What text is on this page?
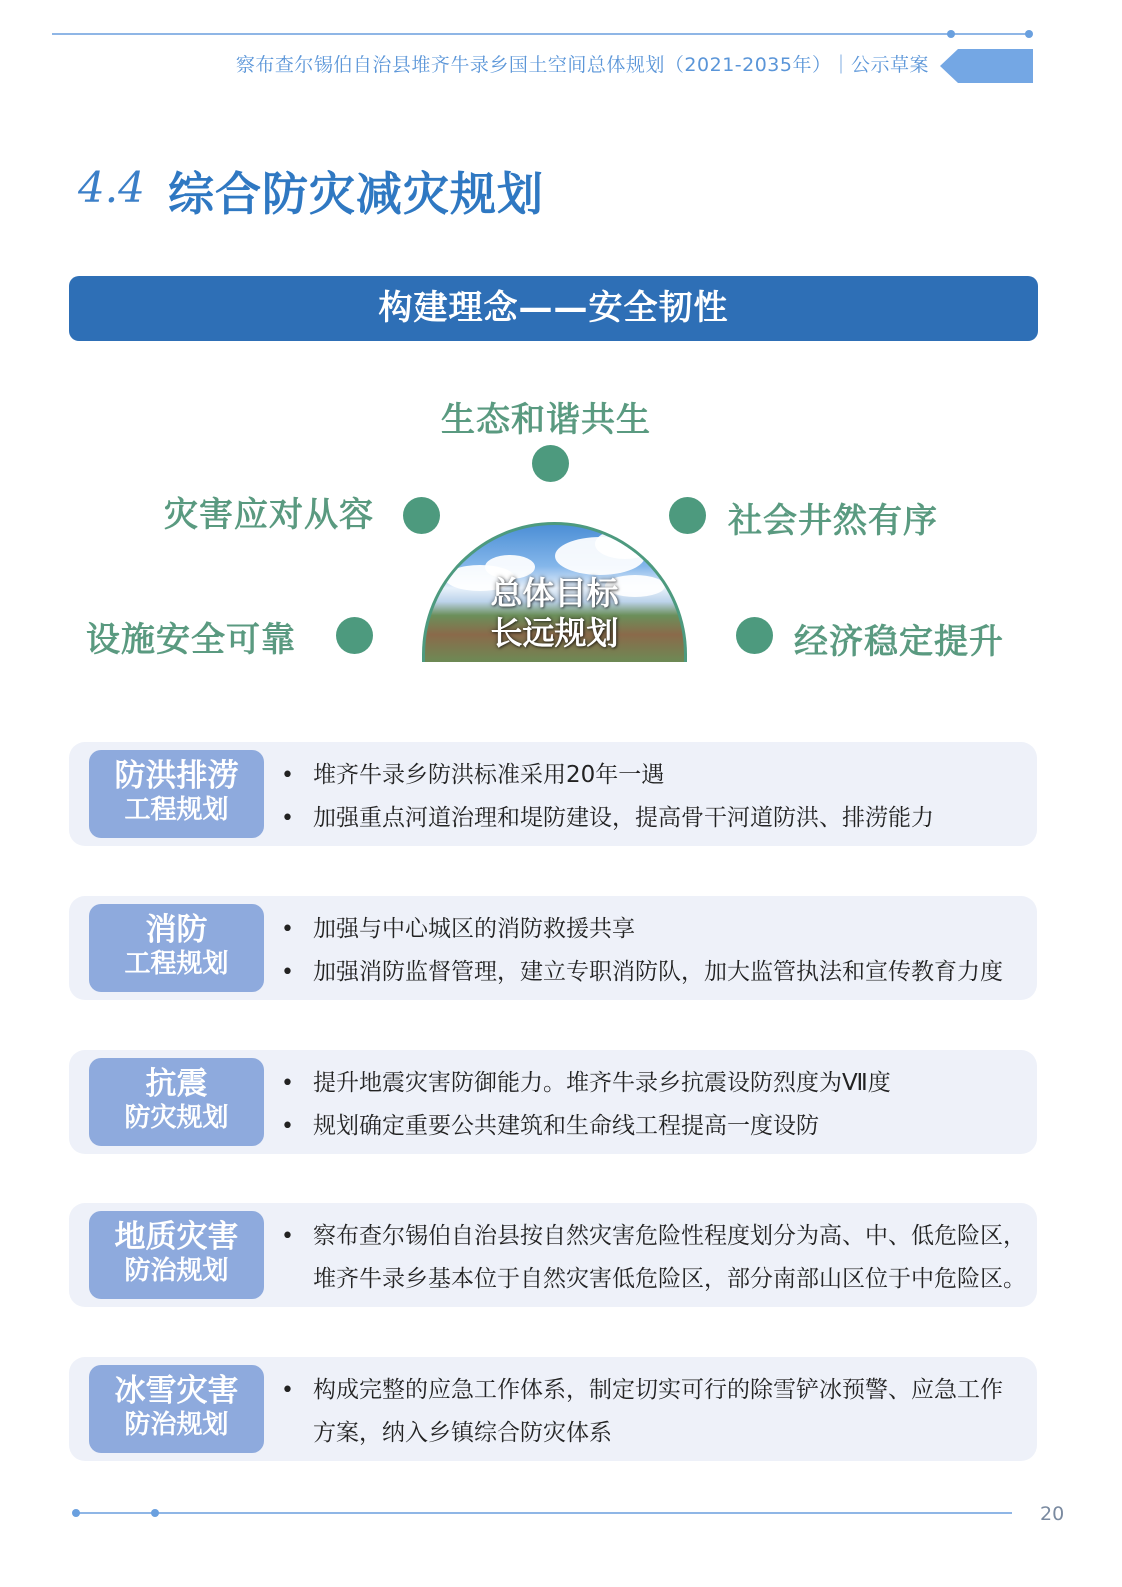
察布查尔锡伯自治县堆齐牛录乡国土空间总体规划（2021-2035年）｜公示草案
4.4 综合防灾减灾规划
构建理念——安全韧性
生态和谐共生
灾害应对从容	社会井然有序
设施安全可靠	经济稳定提升
总体目标
长远规划
防洪排涝
工程规划
• 堆齐牛录乡防洪标准采用20年一遇
• 加强重点河道治理和堤防建设，提高骨干河道防洪、排涝能力
消防
工程规划
• 加强与中心城区的消防救援共享
• 加强消防监督管理，建立专职消防队，加大监管执法和宣传教育力度
抗震
防灾规划
• 提升地震灾害防御能力。堆齐牛录乡抗震设防烈度为Ⅶ度
• 规划确定重要公共建筑和生命线工程提高一度设防
地质灾害
防治规划
• 察布查尔锡伯自治县按自然灾害危险性程度划分为高、中、低危险区，
堆齐牛录乡基本位于自然灾害低危险区，部分南部山区位于中危险区。
冰雪灾害
防治规划
• 构成完整的应急工作体系，制定切实可行的除雪铲冰预警、应急工作
方案，纳入乡镇综合防灾体系
20
